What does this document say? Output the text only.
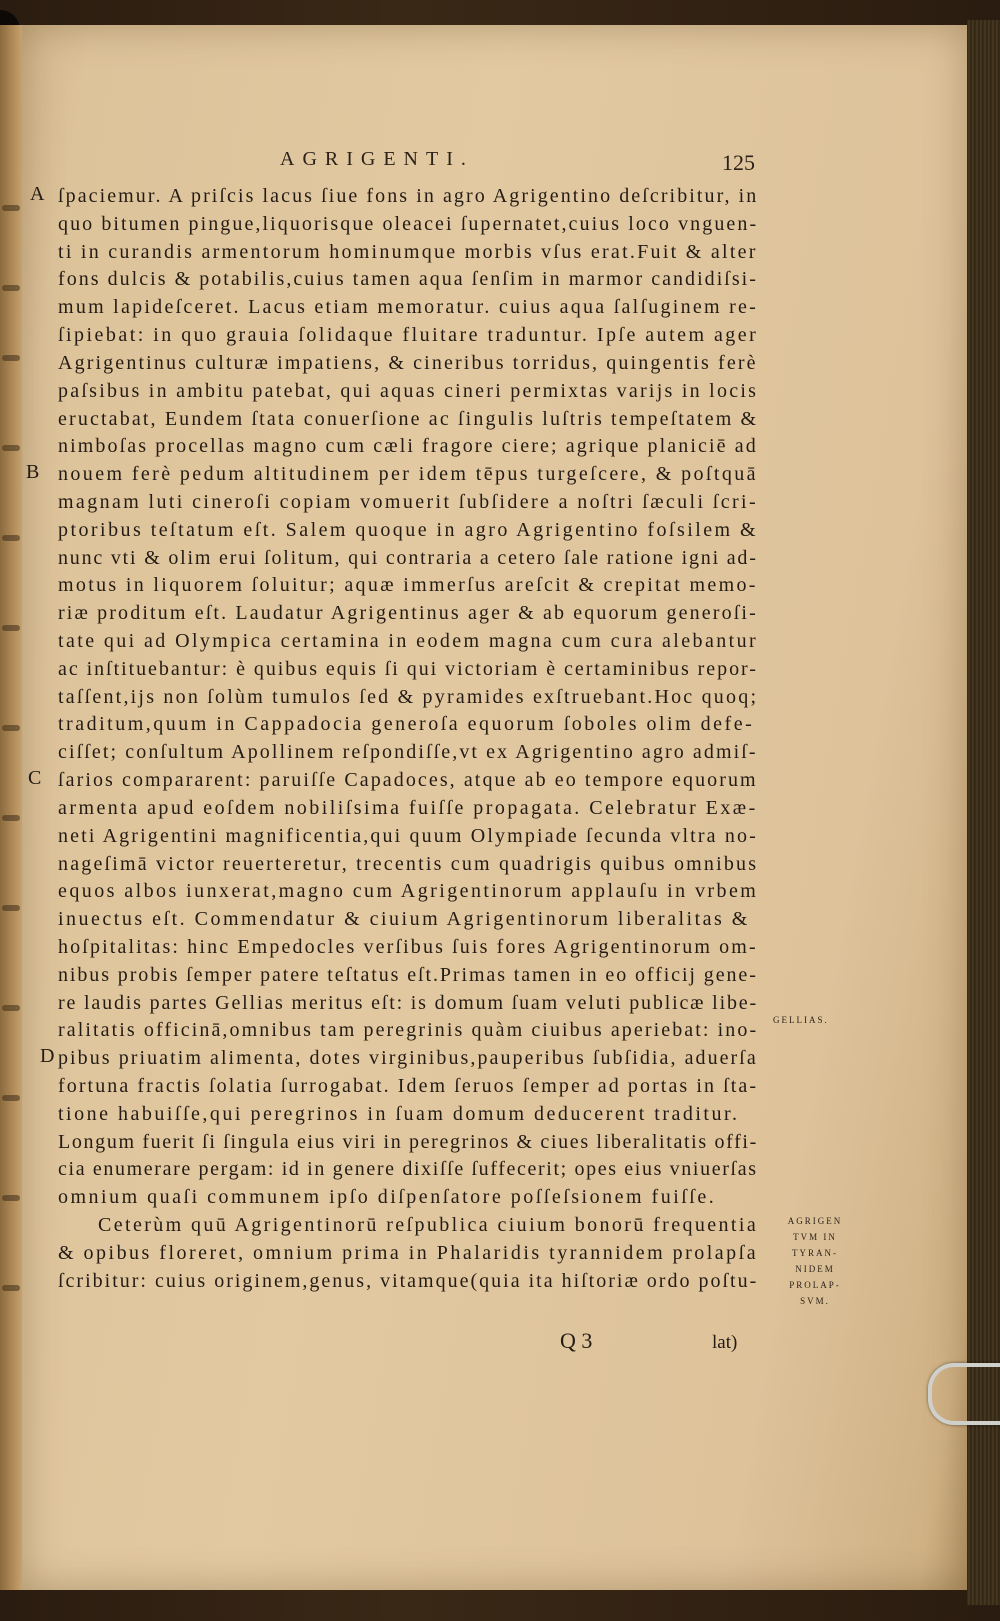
AGRIGENTI.	125
A
B
C
D
ſpaciemur. A priſcis lacus ſiue fons in agro Agrigentino deſcribitur, in
quo bitumen pingue,liquorisque oleacei ſupernatet,cuius loco vnguen-
ti in curandis armentorum hominumque morbis vſus erat.Fuit & alter
fons dulcis & potabilis,cuius tamen aqua ſenſim in marmor candidiſsi-
mum lapideſceret. Lacus etiam memoratur. cuius aqua ſalſuginem re-
ſipiebat: in quo grauia ſolidaque fluitare traduntur. Ipſe autem ager
Agrigentinus culturæ impatiens, & cineribus torridus, quingentis ferè
paſsibus in ambitu patebat, qui aquas cineri permixtas varijs in locis
eructabat, Eundem ſtata conuerſione ac ſingulis luſtris tempeſtatem &
nimboſas procellas magno cum cæli fragore ciere; agrique planiciē ad
nouem ferè pedum altitudinem per idem tēpus turgeſcere, & poſtquā
magnam luti cineroſi copiam vomuerit ſubſidere a noſtri ſæculi ſcri-
ptoribus teſtatum eſt. Salem quoque in agro Agrigentino foſsilem &
nunc vti & olim erui ſolitum, qui contraria a cetero ſale ratione igni ad-
motus in liquorem ſoluitur; aquæ immerſus areſcit & crepitat memo-
riæ proditum eſt. Laudatur Agrigentinus ager & ab equorum generoſi-
tate qui ad Olympica certamina in eodem magna cum cura alebantur
ac inſtituebantur: è quibus equis ſi qui victoriam è certaminibus repor-
taſſent,ijs non ſolùm tumulos ſed & pyramides exſtruebant.Hoc quoq;
traditum,quum in Cappadocia generoſa equorum ſoboles olim defe-
ciſſet; conſultum Apollinem reſpondiſſe,vt ex Agrigentino agro admiſ-
ſarios compararent: paruiſſe Capadoces, atque ab eo tempore equorum
armenta apud eoſdem nobiliſsima fuiſſe propagata. Celebratur Exæ-
neti Agrigentini magnificentia,qui quum Olympiade ſecunda vltra no-
nageſimā victor reuerteretur, trecentis cum quadrigis quibus omnibus
equos albos iunxerat,magno cum Agrigentinorum applauſu in vrbem
inuectus eſt. Commendatur & ciuium Agrigentinorum liberalitas &
hoſpitalitas: hinc Empedocles verſibus ſuis fores Agrigentinorum om-
nibus probis ſemper patere teſtatus eſt.Primas tamen in eo officij gene-
re laudis partes Gellias meritus eſt: is domum ſuam veluti publicæ libe-
ralitatis officinā,omnibus tam peregrinis quàm ciuibus aperiebat: ino-
pibus priuatim alimenta, dotes virginibus,pauperibus ſubſidia, aduerſa
fortuna fractis ſolatia ſurrogabat. Idem ſeruos ſemper ad portas in ſta-
tione habuiſſe,qui peregrinos in ſuam domum deducerent traditur.
Longum fuerit ſi ſingula eius viri in peregrinos & ciues liberalitatis offi-
cia enumerare pergam: id in genere dixiſſe ſuffecerit; opes eius vniuerſas
omnium quaſi communem ipſo diſpenſatore poſſeſsionem fuiſſe.
Ceterùm quū Agrigentinorū reſpublica ciuium bonorū frequentia
& opibus floreret, omnium prima in Phalaridis tyrannidem prolapſa
ſcribitur: cuius originem,genus, vitamque(quia ita hiſtoriæ ordo poſtu-
GELLIAS.
AGRIGEN
TVM IN
TYRAN-
NIDEM
PROLAP-
SVM.
Q 3	lat)
